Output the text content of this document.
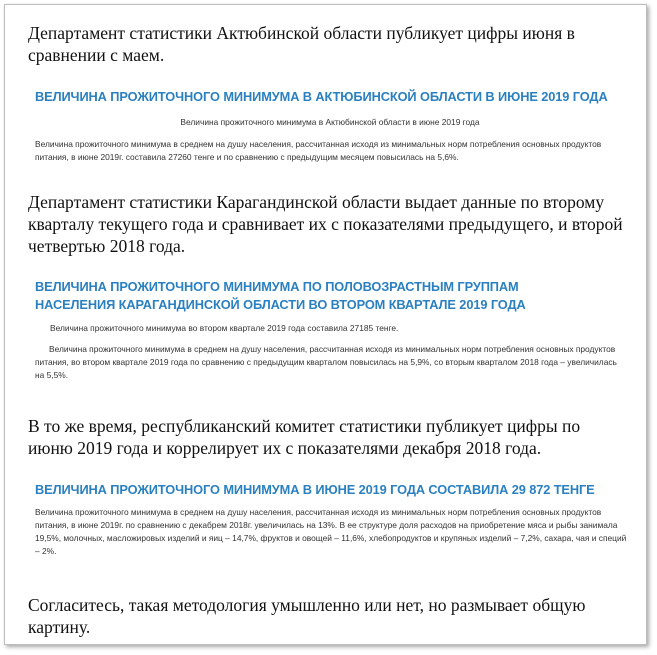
Департамент статистики Актюбинской области публикует цифры июня в сравнении с маем.
ВЕЛИЧИНА ПРОЖИТОЧНОГО МИНИМУМА В АКТЮБИНСКОЙ ОБЛАСТИ В ИЮНЕ 2019 ГОДА
Величина прожиточного минимума в Актюбинской области в июне 2019 года
Величина прожиточного минимума в среднем на душу населения, рассчитанная исходя из минимальных норм потребления основных продуктов питания, в июне 2019г. составила 27260 тенге и по сравнению с предыдущим месяцем повысилась на 5,6%.
Департамент статистики Карагандинской области выдает данные по второму кварталу текущего года и сравнивает их с показателями предыдущего, и второй четвертью 2018 года.
ВЕЛИЧИНА ПРОЖИТОЧНОГО МИНИМУМА ПО ПОЛОВОЗРАСТНЫМ ГРУППАМ НАСЕЛЕНИЯ КАРАГАНДИНСКОЙ ОБЛАСТИ ВО ВТОРОМ КВАРТАЛЕ 2019 ГОДА
Величина прожиточного минимума во втором квартале 2019 года составила 27185 тенге.
Величина прожиточного минимума в среднем на душу населения, рассчитанная исходя из минимальных норм потребления основных продуктов питания, во втором квартале 2019 года по сравнению с предыдущим кварталом повысилась на 5,9%, со вторым кварталом 2018 года – увеличилась на 5,5%.
В то же время, республиканский комитет статистики публикует цифры по июню 2019 года и коррелирует их с показателями декабря 2018 года.
ВЕЛИЧИНА ПРОЖИТОЧНОГО МИНИМУМА В ИЮНЕ 2019 ГОДА СОСТАВИЛА 29 872 ТЕНГЕ
Величина прожиточного минимума в среднем на душу населения, рассчитанная исходя из минимальных норм потребления основных продуктов питания, в июне 2019г. по сравнению с декабрем 2018г. увеличилась на 13%. В ее структуре доля расходов на приобретение мяса и рыбы занимала 19,5%, молочных, масложировых изделий и яиц – 14,7%, фруктов и овощей – 11,6%, хлебопродуктов и крупяных изделий – 7,2%, сахара, чая и специй – 2%.
Согласитесь, такая методология умышленно или нет, но размывает общую картину.
